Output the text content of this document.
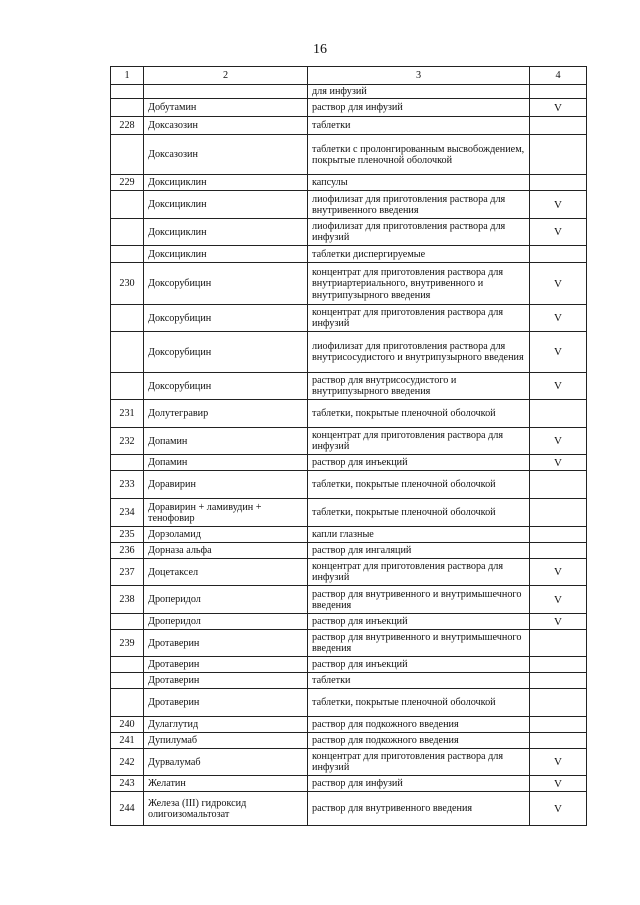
16
1	2	3	4
		для инфузий	
	Добутамин	раствор для инфузий	V
228	Доксазозин	таблетки	
	Доксазозин	таблетки с пролонгированным высвобождением, покрытые пленочной оболочкой	
229	Доксициклин	капсулы	
	Доксициклин	лиофилизат для приготовления раствора для внутривенного введения	V
	Доксициклин	лиофилизат для приготовления раствора для инфузий	V
	Доксициклин	таблетки диспергируемые	
230	Доксорубицин	концентрат для приготовления раствора для внутриартериального, внутривенного и внутрипузырного введения	V
	Доксорубицин	концентрат для приготовления раствора для инфузий	V
	Доксорубицин	лиофилизат для приготовления раствора для внутрисосудистого и внутрипузырного введения	V
	Доксорубицин	раствор для внутрисосудистого и внутрипузырного введения	V
231	Долутегравир	таблетки, покрытые пленочной оболочкой	
232	Допамин	концентрат для приготовления раствора для инфузий	V
	Допамин	раствор для инъекций	V
233	Доравирин	таблетки, покрытые пленочной оболочкой	
234	Доравирин + ламивудин + тенофовир	таблетки, покрытые пленочной оболочкой	
235	Дорзоламид	капли глазные	
236	Дорназа альфа	раствор для ингаляций	
237	Доцетаксел	концентрат для приготовления раствора для инфузий	V
238	Дроперидол	раствор для внутривенного и внутримышечного введения	V
	Дроперидол	раствор для инъекций	V
239	Дротаверин	раствор для внутривенного и внутримышечного введения	
	Дротаверин	раствор для инъекций	
	Дротаверин	таблетки	
	Дротаверин	таблетки, покрытые пленочной оболочкой	
240	Дулаглутид	раствор для подкожного введения	
241	Дупилумаб	раствор для подкожного введения	
242	Дурвалумаб	концентрат для приготовления раствора для инфузий	V
243	Желатин	раствор для инфузий	V
244	Железа (III) гидроксид олигоизомальтозат	раствор для внутривенного введения	V
